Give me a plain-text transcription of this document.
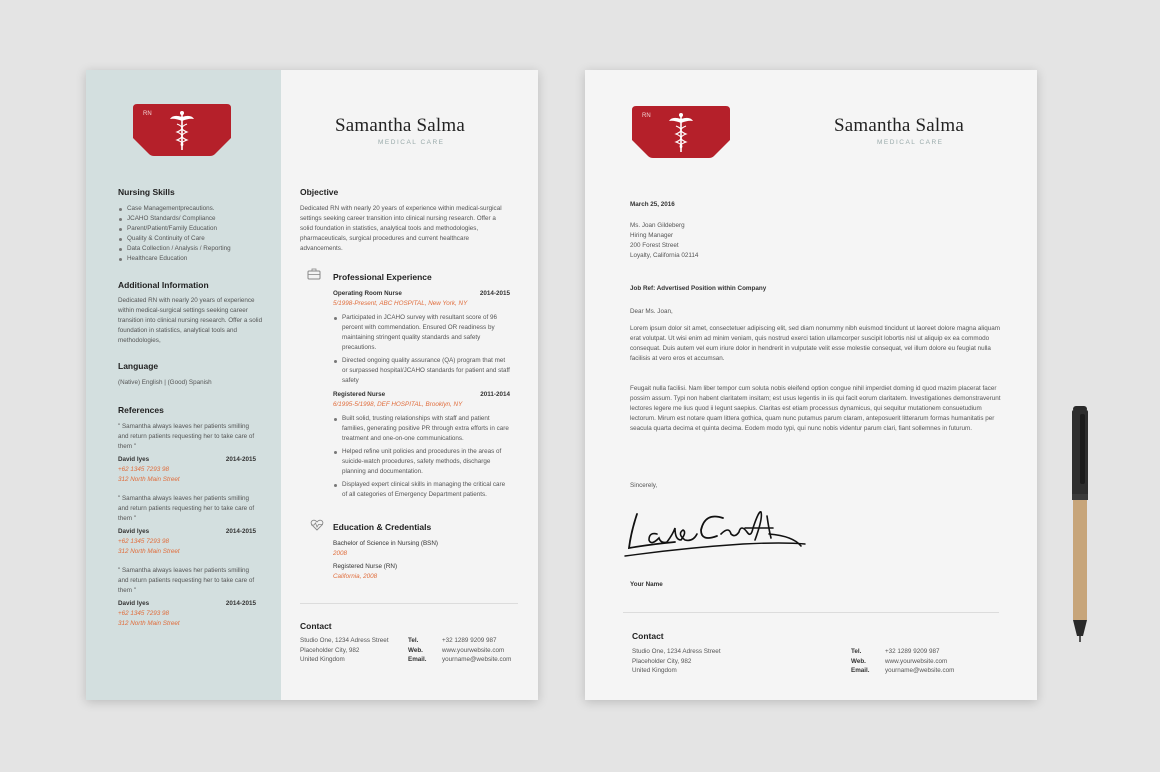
RN
Samantha Salma
MEDICAL CARE
Nursing Skills
Case Managementprecautions.
JCAHO Standards/ Compliance
Parent/Patient/Family Education
Quality & Continuity of Care
Data Collection / Analysis / Reporting
Healthcare Education
Additional Information
Dedicated RN with nearly 20 years of experience within medical-surgical settings seeking career transition into clinical nursing research. Offer a solid foundation in statistics, analytical tools and methodologies,
Language
(Native) English | (Good) Spanish
References

" Samantha always leaves her patients smilling and return patients requesting her to take care of them "

David Iyes	2014-2015

+62 1345 7293 98

312 North Main Street

" Samantha always leaves her patients smilling and return patients requesting her to take care of them "

David Iyes	2014-2015

+62 1345 7293 98

312 North Main Street

" Samantha always leaves her patients smilling and return patients requesting her to take care of them "

David Iyes	2014-2015

+62 1345 7293 98

312 North Main Street

Objective
Dedicated RN with nearly 20 years of experience within medical-surgical settings seeking career transition into clinical nursing research. Offer a solid foundation in statistics, analytical tools and methodologies, pharmaceuticals, surgical procedures and current healthcare advancements.
Professional Experience
Operating Room Nurse	2014-2015

5/1998-Present, ABC HOSPITAL, New York, NY

Participated in JCAHO survey with resultant score of 96 percent with commendation. Ensured OR readiness by maintaining stringent quality standards and safety precautions.
Directed ongoing quality assurance (QA) program that met or surpassed hospital/JCAHO standards for patient and staff safety
Registered Nurse	2011-2014

6/1995-5/1998, DEF HOSPITAL, Brooklyn, NY

Built solid, trusting relationships with staff and patient families, generating positive PR through extra efforts in care treatment and one-on-one communications.
Helped refine unit policies and procedures in the areas of suicide-watch procedures, safety methods, discharge planning and documentation.
Displayed expert clinical skills in managing the critical care of all categories of Emergency Department patients.
Education & Credentials

Bachelor of Science in Nursing (BSN)

2008

Registered Nurse (RN)

California, 2008

Contact

Studio One, 1234 Adress Street

Placeholder City, 982

United Kingdom

Tel.	+32 1289 9209 987

Web.	www.yourwebsite.com

Email. yourname@website.com

RN	Samantha Salma
MEDICAL CARE
March 25, 2016

Ms. Joan Gildeberg

Hiring Manager

200 Forest Street

Loyalty, California 02114

Job Ref: Advertised Position within Company
Dear Ms. Joan,
Lorem ipsum dolor sit amet, consectetuer adipiscing elit, sed diam nonummy nibh euismod tincidunt ut laoreet dolore magna aliquam erat volutpat. Ut wisi enim ad minim veniam, quis nostrud exerci tation ullamcorper suscipit lobortis nisl ut aliquip ex ea commodo consequat. Duis autem vel eum iriure dolor in hendrerit in vulputate velit esse molestie consequat, vel illum dolore eu feugiat nulla facilisis at vero eros et accumsan.
Feugait nulla facilisi. Nam liber tempor cum soluta nobis eleifend option congue nihil imperdiet doming id quod mazim placerat facer possim assum. Typi non habent claritatem insitam; est usus legentis in iis qui facit eorum claritatem. Investigationes demonstraverunt lectores legere me lius quod ii legunt saepius. Claritas est etiam processus dynamicus, qui sequitur mutationem consuetudium lectorum. Mirum est notare quam littera gothica, quam nunc putamus parum claram, anteposuerit litterarum formas humanitatis per seacula quarta decima et quinta decima. Eodem modo typi, qui nunc nobis videntur parum clari, fiant sollemnes in futurum.
Sincerely,
Your Name
Contact

Studio One, 1234 Adress Street

Placeholder City, 982

United Kingdom

Tel.	+32 1289 9209 987

Web.	www.yourwebsite.com

Email. yourname@website.com
